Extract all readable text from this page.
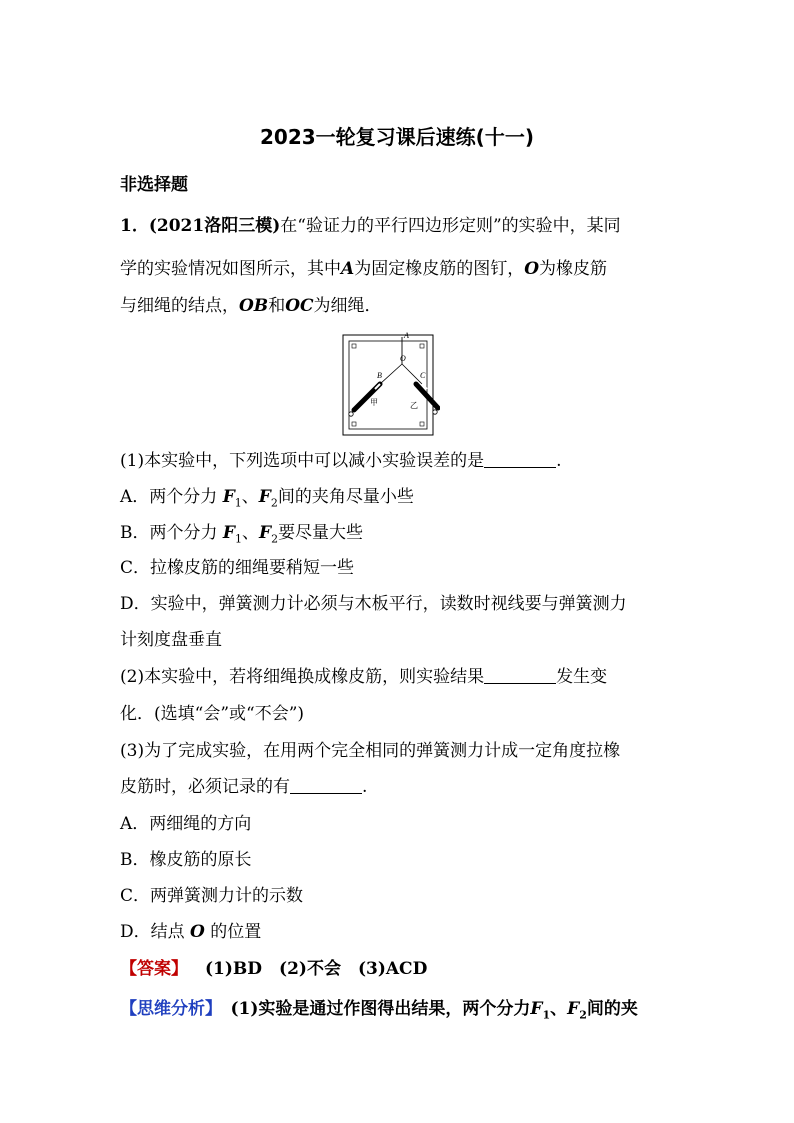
2023一轮复习课后速练(十一)
非选择题
1．(2021洛阳三模)在“验证力的平行四边形定则”的实验中，某同
学的实验情况如图所示，其中A为固定橡皮筋的图钉，O为橡皮筋
与细绳的结点，OB和OC为细绳．
A
O
B	C
甲	乙
(1)本实验中，下列选项中可以减小实验误差的是	.
A．两个分力 $F_1$、$F_2$间的夹角尽量小些
B．两个分力 $F_1$、$F_2$要尽量大些
C．拉橡皮筋的细绳要稍短一些
D．实验中，弹簧测力计必须与木板平行，读数时视线要与弹簧测力
计刻度盘垂直
(2)本实验中，若将细绳换成橡皮筋，则实验结果	发生变
化．(选填“会”或“不会”)
(3)为了完成实验，在用两个完全相同的弹簧测力计成一定角度拉橡
皮筋时，必须记录的有	.
A．两细绳的方向
B．橡皮筋的原长
C．两弹簧测力计的示数
D．结点 O 的位置
【答案】  (1)BD　(2)不会　(3)ACD
【思维分析】  (1)实验是通过作图得出结果，两个分力$F_1$、$F_2$间的夹
